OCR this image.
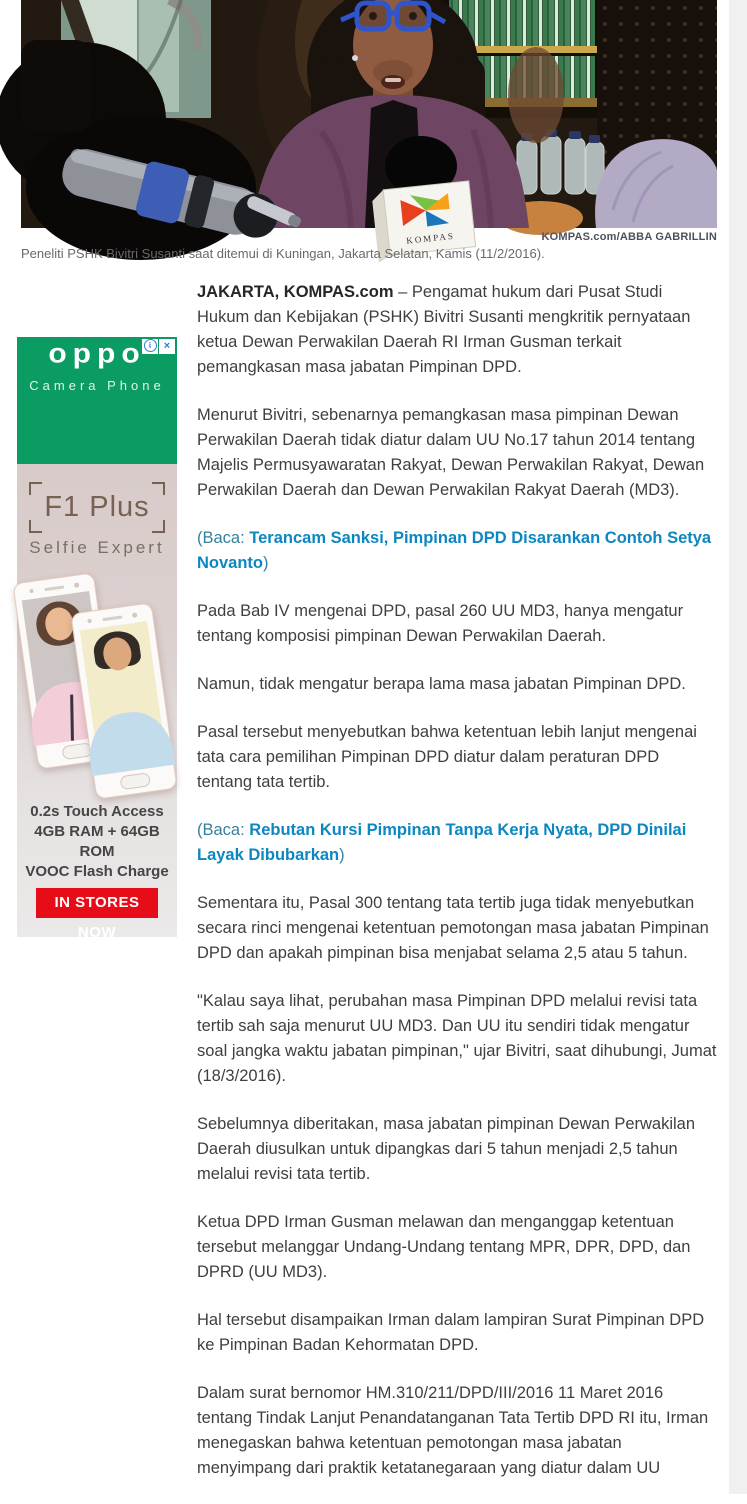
KOMPAS	KOMPAS.com/ABBA GABRILLIN
Peneliti PSHK Bivitri Susanti saat ditemui di Kuningan, Jakarta Selatan, Kamis (11/2/2016).
i	×
oppo
Camera Phone
F1 Plus
Selfie Expert
0.2s Touch Access
4GB RAM + 64GB ROM
VOOC Flash Charge
IN STORES NOW

JAKARTA, KOMPAS.com – Pengamat hukum dari Pusat Studi Hukum dan Kebijakan (PSHK) Bivitri Susanti mengkritik pernyataan ketua Dewan Perwakilan Daerah RI Irman Gusman terkait pemangkasan masa jabatan Pimpinan DPD.

Menurut Bivitri, sebenarnya pemangkasan masa pimpinan Dewan Perwakilan Daerah tidak diatur dalam UU No.17 tahun 2014 tentang Majelis Permusyawaratan Rakyat, Dewan Perwakilan Rakyat, Dewan Perwakilan Daerah dan Dewan Perwakilan Rakyat Daerah (MD3).

(Baca: Terancam Sanksi, Pimpinan DPD Disarankan Contoh Setya Novanto)

Pada Bab IV mengenai DPD, pasal 260 UU MD3, hanya mengatur tentang komposisi pimpinan Dewan Perwakilan Daerah.

Namun, tidak mengatur berapa lama masa jabatan Pimpinan DPD.

Pasal tersebut menyebutkan bahwa ketentuan lebih lanjut mengenai tata cara pemilihan Pimpinan DPD diatur dalam peraturan DPD tentang tata tertib.

(Baca: Rebutan Kursi Pimpinan Tanpa Kerja Nyata, DPD Dinilai Layak Dibubarkan)

Sementara itu, Pasal 300 tentang tata tertib juga tidak menyebutkan secara rinci mengenai ketentuan pemotongan masa jabatan Pimpinan DPD dan apakah pimpinan bisa menjabat selama 2,5 atau 5 tahun.

"Kalau saya lihat, perubahan masa Pimpinan DPD melalui revisi tata tertib sah saja menurut UU MD3. Dan UU itu sendiri tidak mengatur soal jangka waktu jabatan pimpinan," ujar Bivitri, saat dihubungi, Jumat (18/3/2016).

Sebelumnya diberitakan, masa jabatan pimpinan Dewan Perwakilan Daerah diusulkan untuk dipangkas dari 5 tahun menjadi 2,5 tahun melalui revisi tata tertib.

Ketua DPD Irman Gusman melawan dan menganggap ketentuan tersebut melanggar Undang-Undang tentang MPR, DPR, DPD, dan DPRD (UU MD3).

Hal tersebut disampaikan Irman dalam lampiran Surat Pimpinan DPD ke Pimpinan Badan Kehormatan DPD.

Dalam surat bernomor HM.310/211/DPD/III/2016 11 Maret 2016 tentang Tindak Lanjut Penandatanganan Tata Tertib DPD RI itu, Irman menegaskan bahwa ketentuan pemotongan masa jabatan menyimpang dari praktik ketatanegaraan yang diatur dalam UU
